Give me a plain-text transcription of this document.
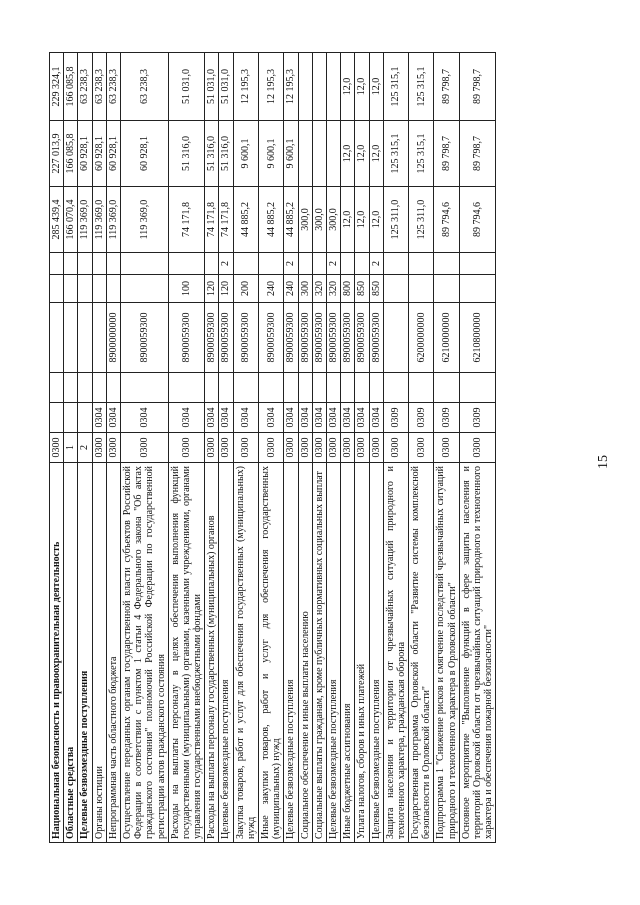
15
Национальная безопасность и правоохранительная деятельность	0300						285 439,4	227 013,9	229 324,1
Областные средства	1						166 070,4	166 085,8	166 085,8
Целевые безвозмездные поступления	2						119 369,0	60 928,1	63 238,3
Органы юстиции	0300	0304					119 369,0	60 928,1	63 238,3
Непрограммная часть областного бюджета	0300	0304		8900000000			119 369,0	60 928,1	63 238,3
Осуществление переданных органам государственной власти субъектов Российской Федерации в соответствии с пунктом 1 статьи 4 Федерального закона "Об актах гражданского состояния" полномочий Российской Федерации по государственной регистрации актов гражданского состояния	0300	0304		8900059300			119 369,0	60 928,1	63 238,3
Расходы на выплаты персоналу в целях обеспечения выполнения функций государственными (муниципальными) органами, казенными учреждениями, органами управления государственными внебюджетными фондами	0300	0304		8900059300	100		74 171,8	51 316,0	51 031,0
Расходы на выплаты персоналу государственных (муниципальных) органов	0300	0304		8900059300	120		74 171,8	51 316,0	51 031,0
Целевые безвозмездные поступления	0300	0304		8900059300	120	2	74 171,8	51 316,0	51 031,0
Закупка товаров, работ и услуг для обеспечения государственных (муниципальных) нужд	0300	0304		8900059300	200		44 885,2	9 600,1	12 195,3
Иные закупки товаров, работ и услуг для обеспечения государственных (муниципальных) нужд	0300	0304		8900059300	240		44 885,2	9 600,1	12 195,3
Целевые безвозмездные поступления	0300	0304		8900059300	240	2	44 885,2	9 600,1	12 195,3
Социальное обеспечение и иные выплаты населению	0300	0304		8900059300	300		300,0		
Социальные выплаты гражданам, кроме публичных нормативных социальных выплат	0300	0304		8900059300	320		300,0		
Целевые безвозмездные поступления	0300	0304		8900059300	320	2	300,0		
Иные бюджетные ассигнования	0300	0304		8900059300	800		12,0	12,0	12,0
Уплата налогов, сборов и иных платежей	0300	0304		8900059300	850		12,0	12,0	12,0
Целевые безвозмездные поступления	0300	0304		8900059300	850	2	12,0	12,0	12,0
Защита населения и территории от чрезвычайных ситуаций природного и техногенного характера, гражданская оборона	0300	0309					125 311,0	125 315,1	125 315,1
Государственная программа Орловской области "Развитие системы комплексной безопасности в Орловской области"	0300	0309		6200000000			125 311,0	125 315,1	125 315,1
Подпрограмма 1 "Снижение рисков и смягчение последствий чрезвычайных ситуаций природного и техногенного характера в Орловской области"	0300	0309		6210000000			89 794,6	89 798,7	89 798,7
Основное мероприятие "Выполнение функций в сфере защиты населения и территорий Орловской области от чрезвычайных ситуаций природного и техногенного характера и обеспечения пожарной безопасности"	0300	0309		6210800000			89 794,6	89 798,7	89 798,7
